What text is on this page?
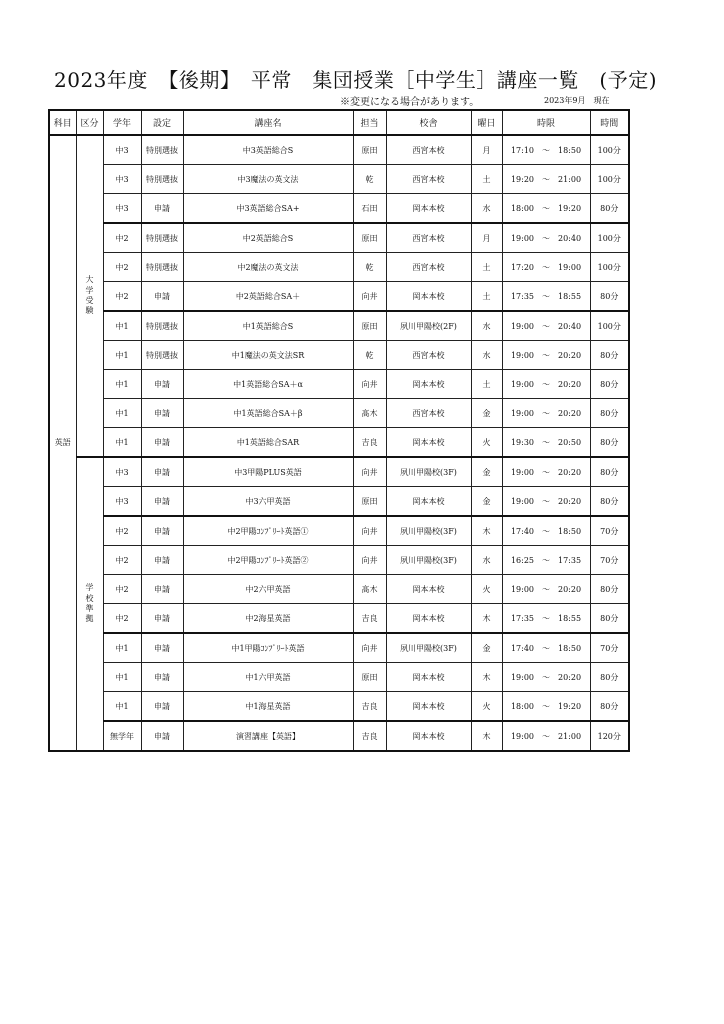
2023年度　【後期】　平常　集団授業［中学生］講座一覧　(予定)
※変更になる場合があります。	2023年9月　現在
科目	区分	学年	設定	講座名	担当	校舎	曜日	時限	時間
英語	大学受験	中3	特別選抜	中3英語総合S	原田	西宮本校	月	17:10　～　18:50	100分
		中3	特別選抜	中3魔法の英文法	乾	西宮本校	土	19:20　～　21:00	100分
		中3	申請	中3英語総合SA+	石田	岡本本校	水	18:00　～　19:20	80分
		中2	特別選抜	中2英語総合S	原田	西宮本校	月	19:00　～　20:40	100分
		中2	特別選抜	中2魔法の英文法	乾	西宮本校	土	17:20　～　19:00	100分
		中2	申請	中2英語総合SA＋	向井	岡本本校	土	17:35　～　18:55	80分
		中1	特別選抜	中1英語総合S	原田	夙川甲陽校(2F)	水	19:00　～　20:40	100分
		中1	特別選抜	中1魔法の英文法SR	乾	西宮本校	水	19:00　～　20:20	80分
		中1	申請	中1英語総合SA＋α	向井	岡本本校	土	19:00　～　20:20	80分
		中1	申請	中1英語総合SA＋β	髙木	西宮本校	金	19:00　～　20:20	80分
		中1	申請	中1英語総合SAR	吉良	岡本本校	火	19:30　～　20:50	80分
	学校準拠	中3	申請	中3甲陽PLUS英語	向井	夙川甲陽校(3F)	金	19:00　～　20:20	80分
		中3	申請	中3六甲英語	原田	岡本本校	金	19:00　～　20:20	80分
		中2	申請	中2甲陽ｺﾝﾌﾟﾘｰﾄ英語①	向井	夙川甲陽校(3F)	木	17:40　～　18:50	70分
		中2	申請	中2甲陽ｺﾝﾌﾟﾘｰﾄ英語②	向井	夙川甲陽校(3F)	水	16:25　～　17:35	70分
		中2	申請	中2六甲英語	髙木	岡本本校	火	19:00　～　20:20	80分
		中2	申請	中2海星英語	吉良	岡本本校	木	17:35　～　18:55	80分
		中1	申請	中1甲陽ｺﾝﾌﾟﾘｰﾄ英語	向井	夙川甲陽校(3F)	金	17:40　～　18:50	70分
		中1	申請	中1六甲英語	原田	岡本本校	木	19:00　～　20:20	80分
		中1	申請	中1海星英語	吉良	岡本本校	火	18:00　～　19:20	80分
		無学年	申請	演習講座【英語】	吉良	岡本本校	木	19:00　～　21:00	120分
